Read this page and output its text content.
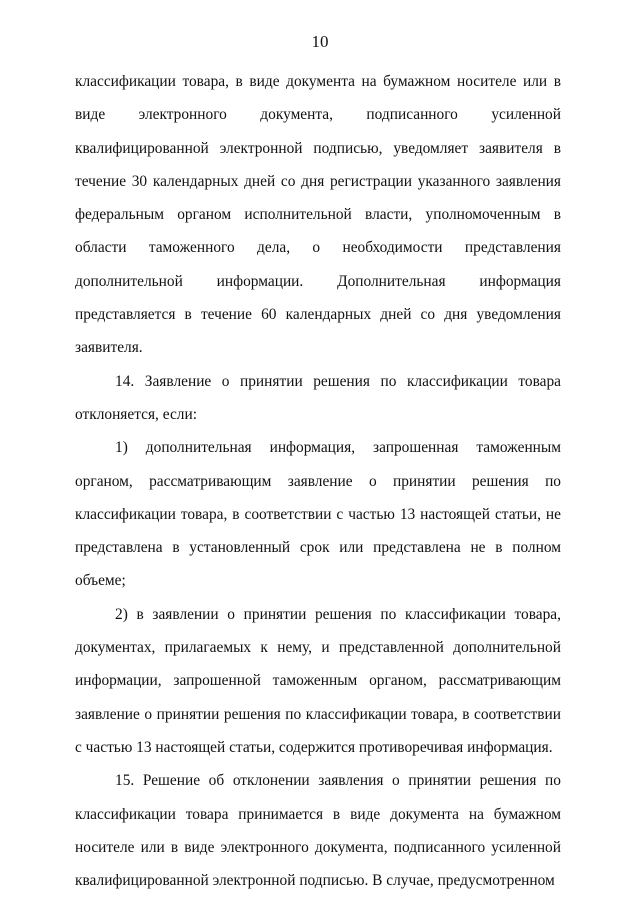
10

классификации товара, в виде документа на бумажном носителе или в виде электронного документа, подписанного усиленной квалифицированной электронной подписью, уведомляет заявителя в течение 30 календарных дней со дня регистрации указанного заявления федеральным органом исполнительной власти, уполномоченным в области таможенного дела, о необходимости представления дополнительной информации. Дополнительная информация представляется в течение 60 календарных дней со дня уведомления заявителя.

14. Заявление о принятии решения по классификации товара отклоняется, если:

1) дополнительная информация, запрошенная таможенным органом, рассматривающим заявление о принятии решения по классификации товара, в соответствии с частью 13 настоящей статьи, не представлена в установленный срок или представлена не в полном объеме;

2) в заявлении о принятии решения по классификации товара, документах, прилагаемых к нему, и представленной дополнительной информации, запрошенной таможенным органом, рассматривающим заявление о принятии решения по классификации товара, в соответствии с частью 13 настоящей статьи, содержится противоречивая информация.

15. Решение об отклонении заявления о принятии решения по классификации товара принимается в виде документа на бумажном носителе или в виде электронного документа, подписанного усиленной квалифицированной электронной подписью. В случае, предусмотренном
